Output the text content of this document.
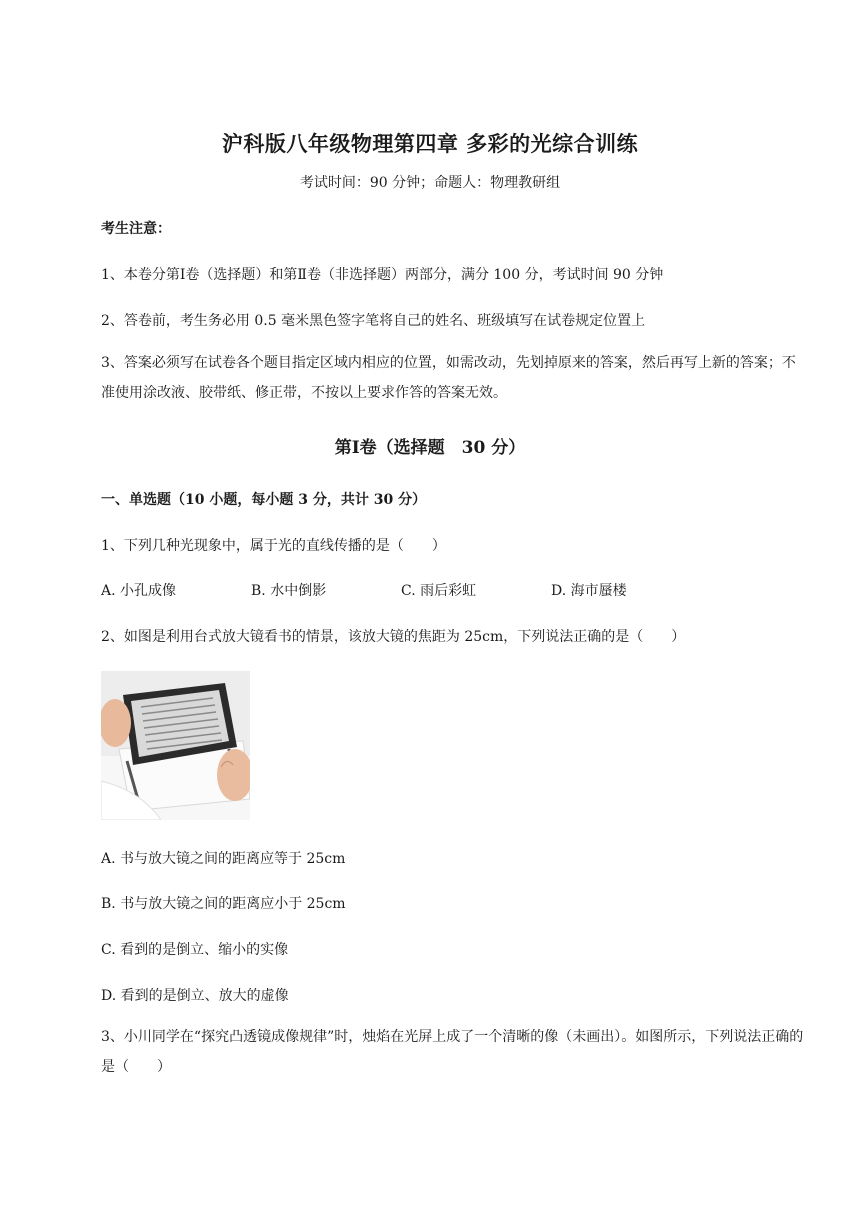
沪科版八年级物理第四章 多彩的光综合训练
考试时间：90 分钟；命题人：物理教研组
考生注意：
1、本卷分第Ⅰ卷（选择题）和第Ⅱ卷（非选择题）两部分，满分 100 分，考试时间 90 分钟
2、答卷前，考生务必用 0.5 毫米黑色签字笔将自己的姓名、班级填写在试卷规定位置上
3、答案必须写在试卷各个题目指定区域内相应的位置，如需改动，先划掉原来的答案，然后再写上新的答案；不准使用涂改液、胶带纸、修正带，不按以上要求作答的答案无效。
第Ⅰ卷（选择题　30 分）
一、单选题（10 小题，每小题 3 分，共计 30 分）
1、下列几种光现象中，属于光的直线传播的是（　　）
A. 小孔成像	B. 水中倒影	C. 雨后彩虹	D. 海市蜃楼
2、如图是利用台式放大镜看书的情景，该放大镜的焦距为 25cm，下列说法正确的是（　　）
A. 书与放大镜之间的距离应等于 25cm
B. 书与放大镜之间的距离应小于 25cm
C. 看到的是倒立、缩小的实像
D. 看到的是倒立、放大的虚像
3、小川同学在“探究凸透镜成像规律”时，烛焰在光屏上成了一个清晰的像（未画出）。如图所示，下列说法正确的是（　　）
